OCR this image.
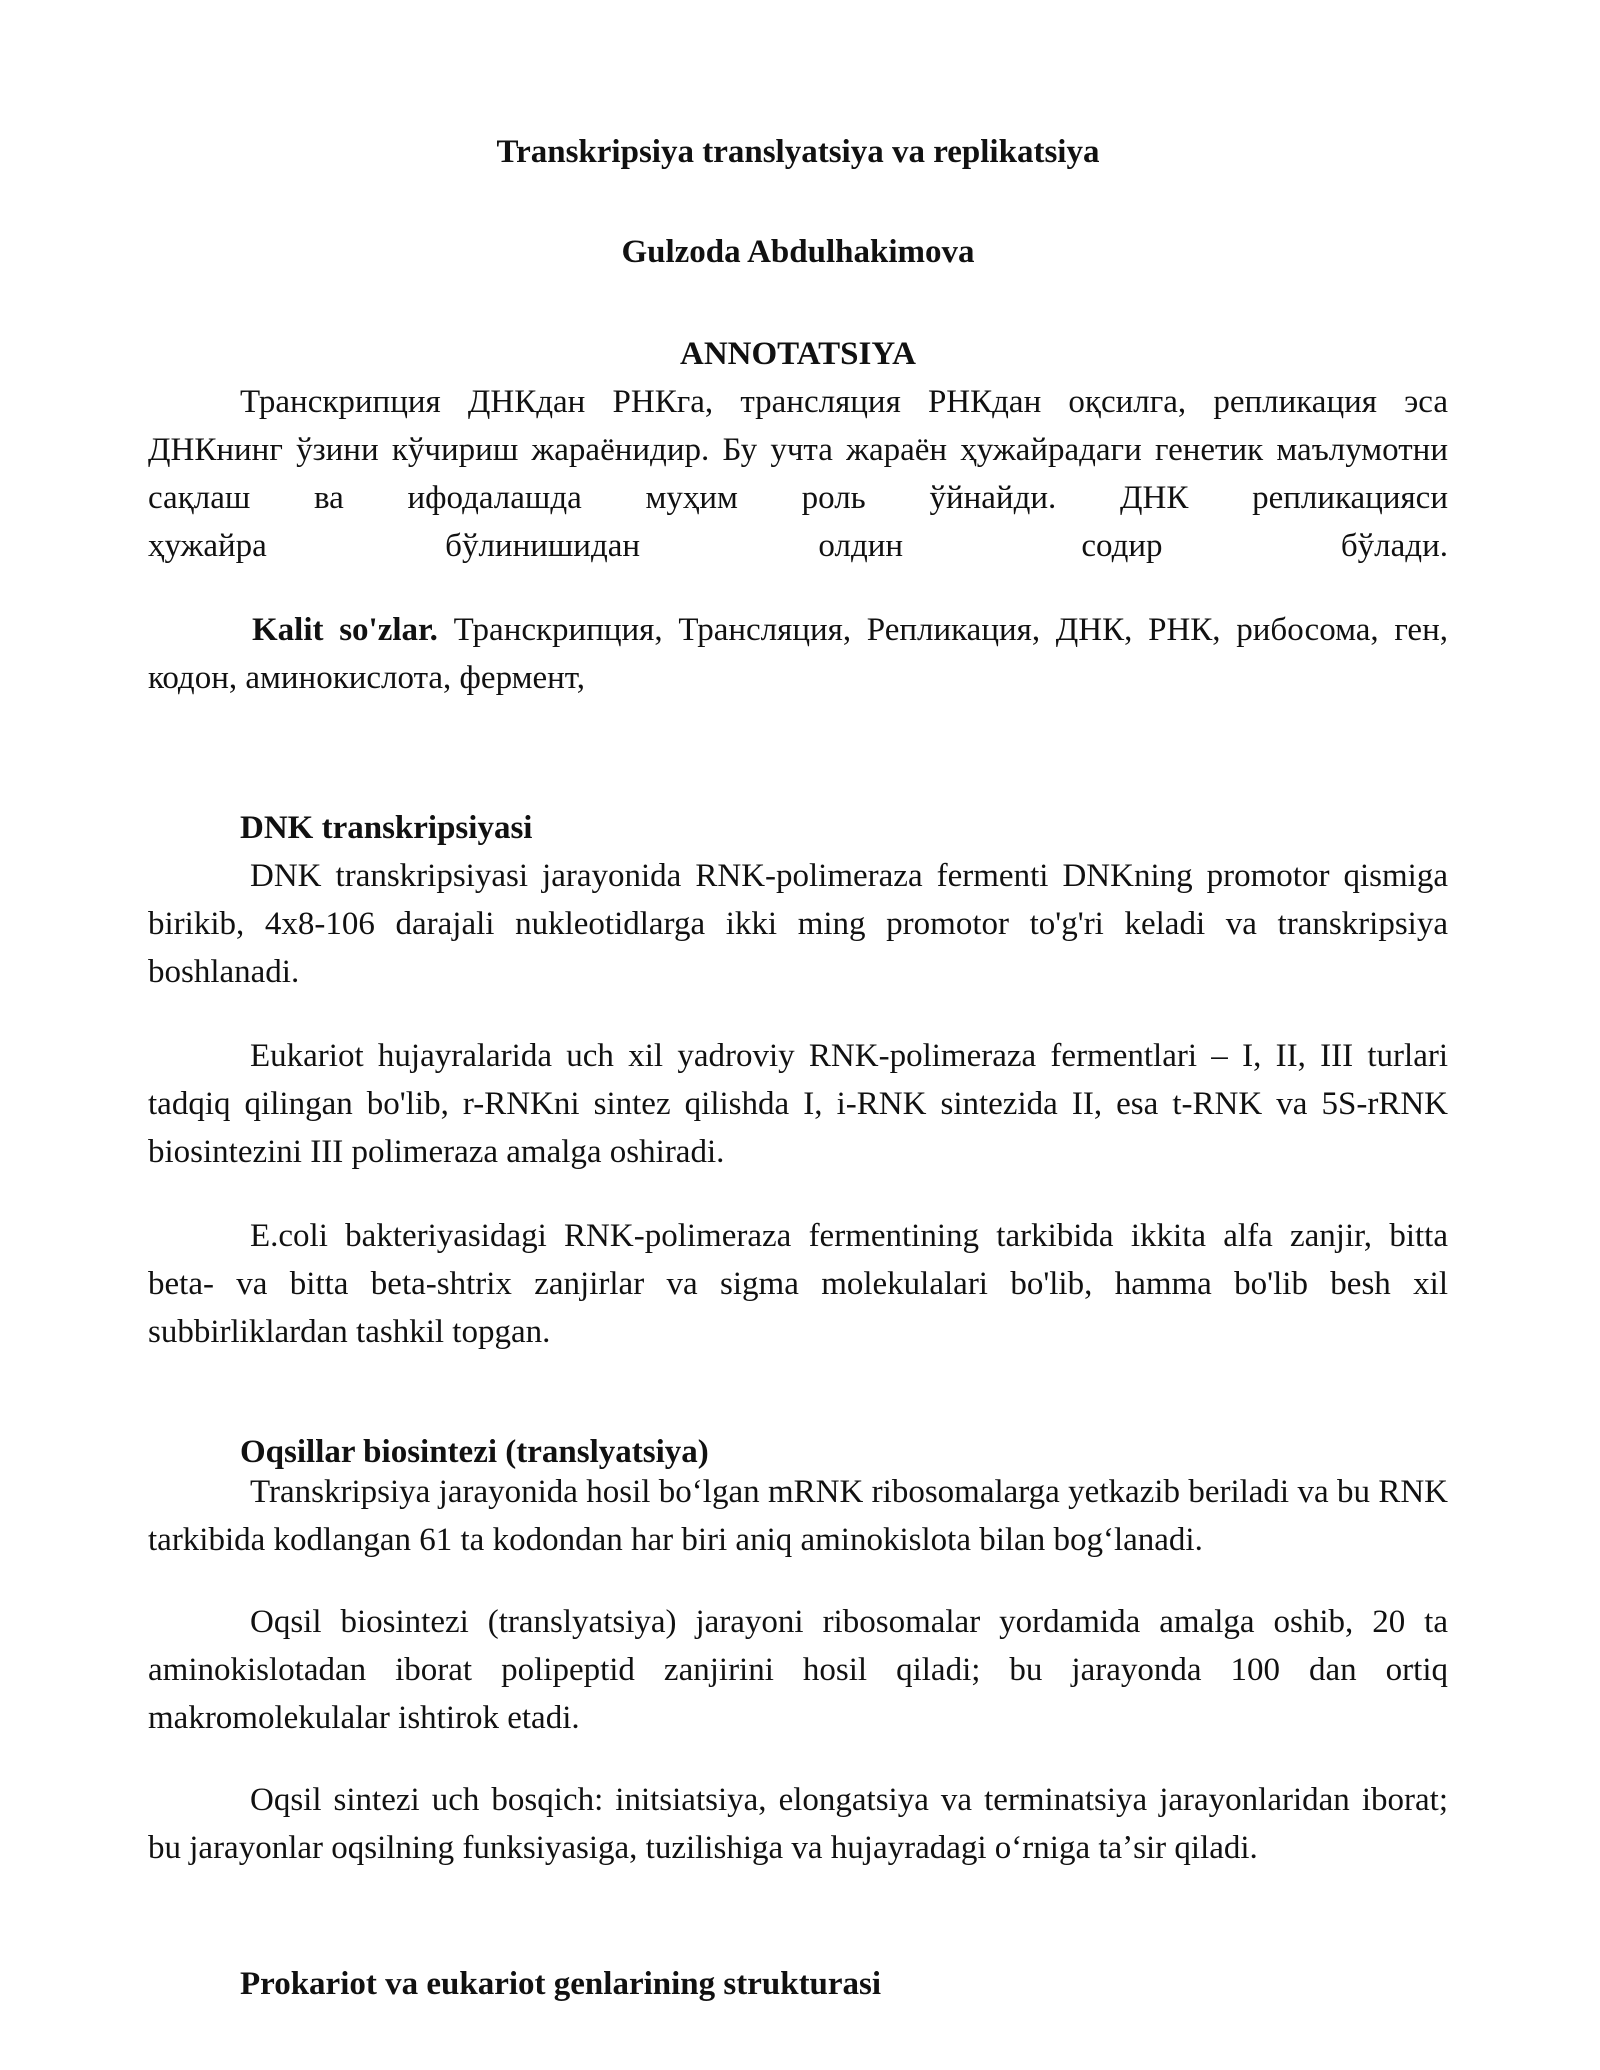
Transkripsiya translyatsiya va replikatsiya
Gulzoda Abdulhakimova
ANNOTATSIYA

Транскрипция ДНКдан РНКга, трансляция РНКдан оқсилга, репликация эса ДНКнинг ўзини кўчириш жараёнидир. Бу учта жараён ҳужайрадаги генетик маълумотни сақлаш ва ифодалашда муҳим роль ўйнайди. ДНК репликацияси

ҳужайра бўлинишидан олдин содир бўлади.

Kalit so'zlar. Транскрипция, Трансляция, Репликация, ДНК, РНК, рибосома, ген, кодон, аминокислота, фермент,

DNK transkripsiyasi

DNK transkripsiyasi jarayonida RNK-polimeraza fermenti DNKning promotor qismiga birikib, 4x8-106 darajali nukleotidlarga ikki ming promotor to'g'ri keladi va transkripsiya boshlanadi.

Eukariot hujayralarida uch xil yadroviy RNK-polimeraza fermentlari – I, II, III turlari tadqiq qilingan bo'lib, r-RNKni sintez qilishda I, i-RNK sintezida II, esa t-RNK va 5S-rRNK biosintezini III polimeraza amalga oshiradi.

E.coli bakteriyasidagi RNK-polimeraza fermentining tarkibida ikkita alfa zanjir, bitta beta- va bitta beta-shtrix zanjirlar va sigma molekulalari bo'lib, hamma bo'lib besh xil subbirliklardan tashkil topgan.

Oqsillar biosintezi (translyatsiya)

Transkripsiya jarayonida hosil boʻlgan mRNK ribosomalarga yetkazib beriladi va bu RNK tarkibida kodlangan 61 ta kodondan har biri aniq aminokislota bilan bogʻlanadi.

Oqsil biosintezi (translyatsiya) jarayoni ribosomalar yordamida amalga oshib, 20 ta aminokislotadan iborat polipeptid zanjirini hosil qiladi; bu jarayonda 100 dan ortiq makromolekulalar ishtirok etadi.

Oqsil sintezi uch bosqich: initsiatsiya, elongatsiya va terminatsiya jarayonlaridan iborat; bu jarayonlar oqsilning funksiyasiga, tuzilishiga va hujayradagi oʻrniga taʼsir qiladi.

Prokariot va eukariot genlarining strukturasi
